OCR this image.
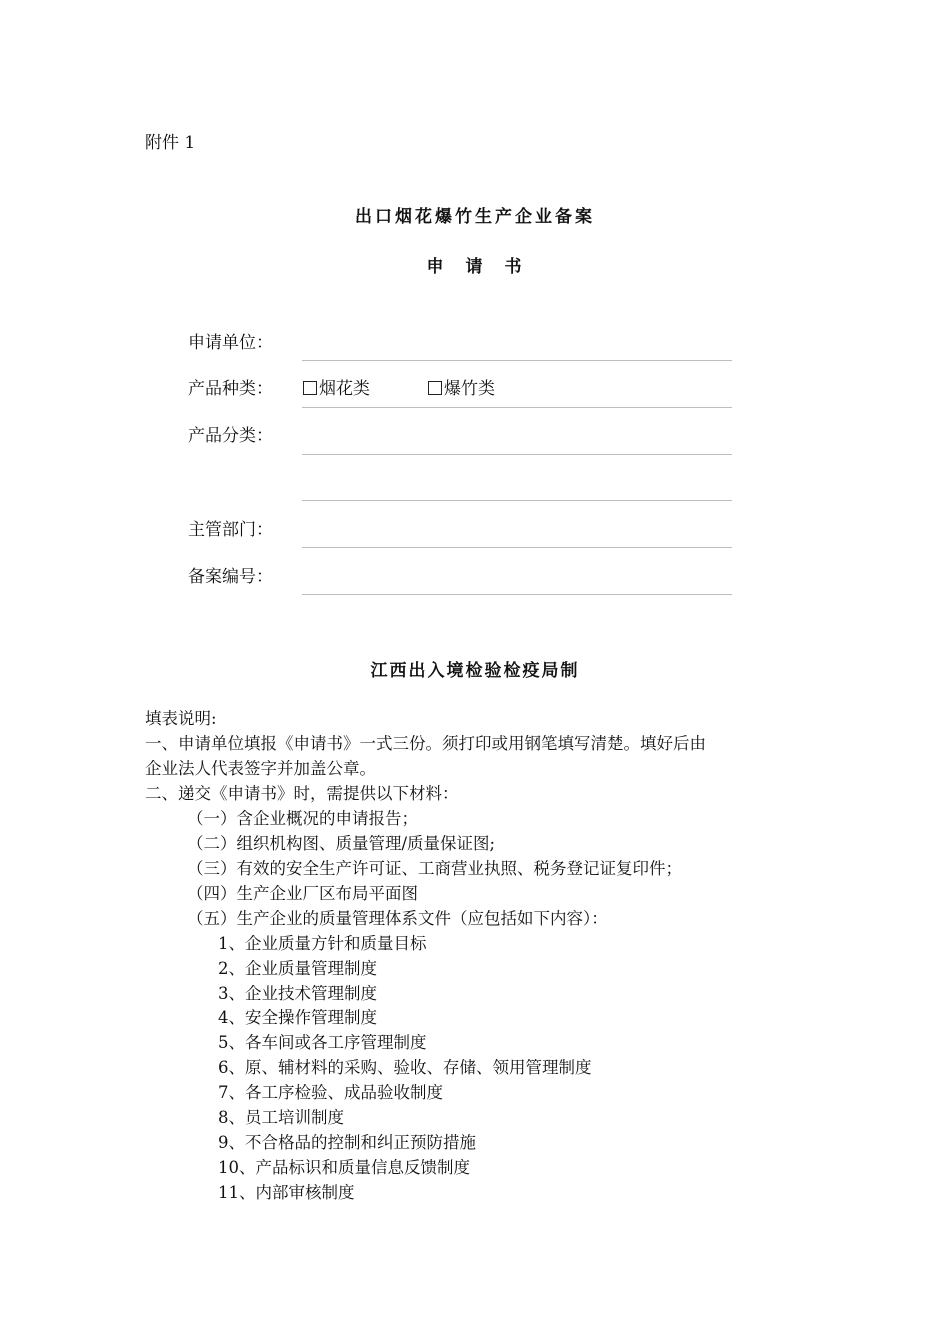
附件 1
出口烟花爆竹生产企业备案
申请书
申请单位：
产品种类：	烟花类	爆竹类
产品分类：
主管部门：
备案编号：
江西出入境检验检疫局制
填表说明:
一、申请单位填报《申请书》一式三份。须打印或用钢笔填写清楚。填好后由
企业法人代表签字并加盖公章。
二、递交《申请书》时，需提供以下材料：
（一）含企业概况的申请报告；
（二）组织机构图、质量管理/质量保证图;
（三）有效的安全生产许可证、工商营业执照、税务登记证复印件；
（四）生产企业厂区布局平面图
（五）生产企业的质量管理体系文件（应包括如下内容）：
1、企业质量方针和质量目标
2、企业质量管理制度
3、企业技术管理制度
4、安全操作管理制度
5、各车间或各工序管理制度
6、原、辅材料的采购、验收、存储、领用管理制度
7、各工序检验、成品验收制度
8、员工培训制度
9、不合格品的控制和纠正预防措施
10、产品标识和质量信息反馈制度
11、内部审核制度
